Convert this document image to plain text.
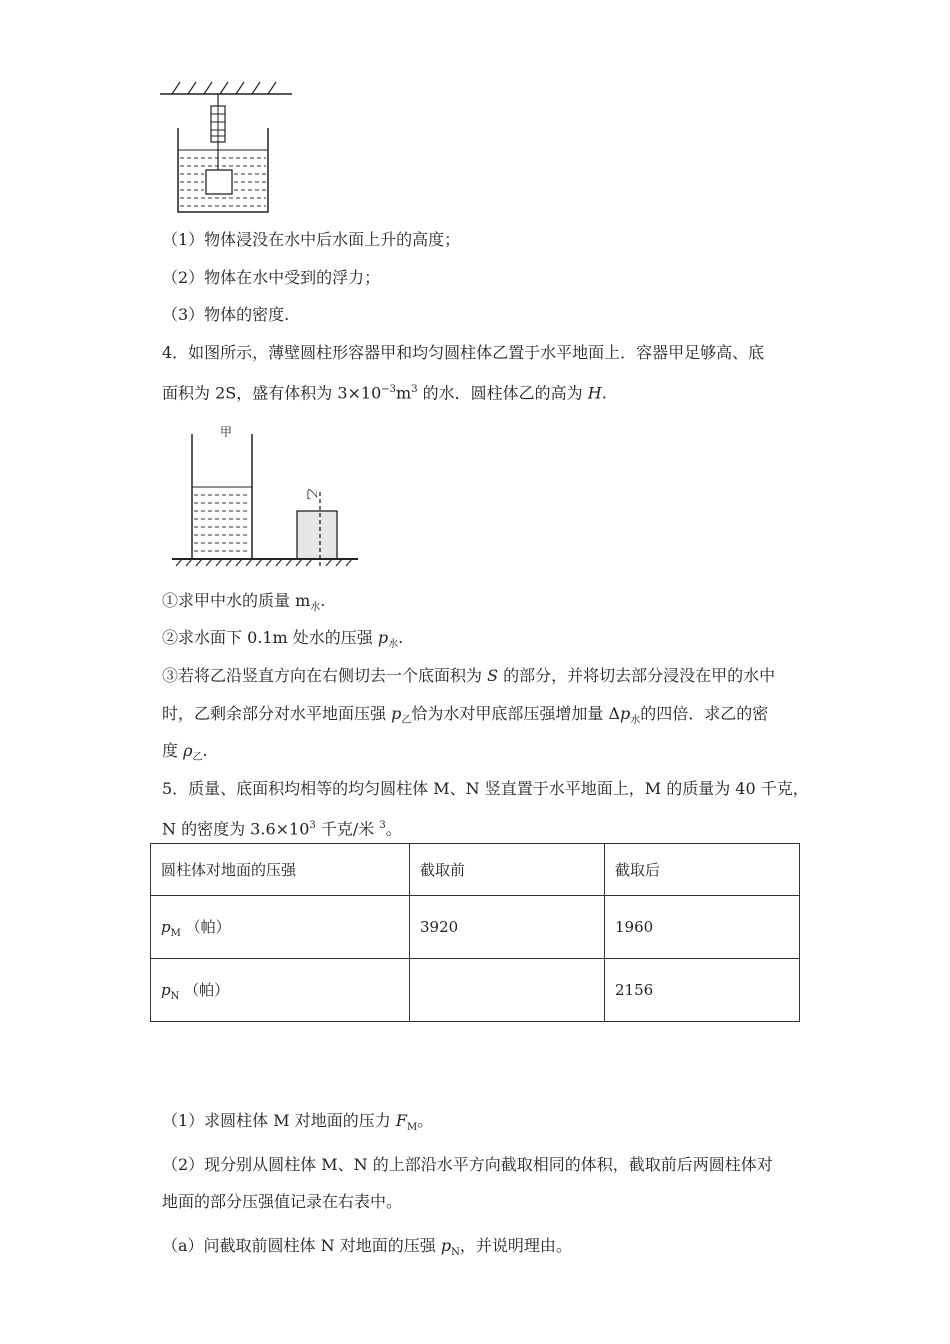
（1）物体浸没在水中后水面上升的高度；
（2）物体在水中受到的浮力；
（3）物体的密度.
4．如图所示，薄壁圆柱形容器甲和均匀圆柱体乙置于水平地面上．容器甲足够高、底
面积为 2S，盛有体积为 $3\times 10^{-3}m^3$ 的水．圆柱体乙的高为 H.
甲
乙
①求甲中水的质量 $m_水$.
②求水面下 0.1m 处水的压强 $p_水$.
③若将乙沿竖直方向在右侧切去一个底面积为 S 的部分，并将切去部分浸没在甲的水中
时，乙剩余部分对水平地面压强 $p_乙$恰为水对甲底部压强增加量 $\Delta p_水$的四倍．求乙的密
度 $\rho_乙$.
5．质量、底面积均相等的均匀圆柱体 M、N 竖直置于水平地面上，M 的质量为 40 千克，
N 的密度为 $3.6\times 10^3$ 千克/米 $^3$。
圆柱体对地面的压强	截取前	截取后
$p_M$ （帕）	3920	1960
$p_N$ （帕）		2156
（1）求圆柱体 M 对地面的压力 $F_M$。
（2）现分别从圆柱体 M、N 的上部沿水平方向截取相同的体积，截取前后两圆柱体对
地面的部分压强值记录在右表中。
（a）问截取前圆柱体 N 对地面的压强 $p_N$，并说明理由。
